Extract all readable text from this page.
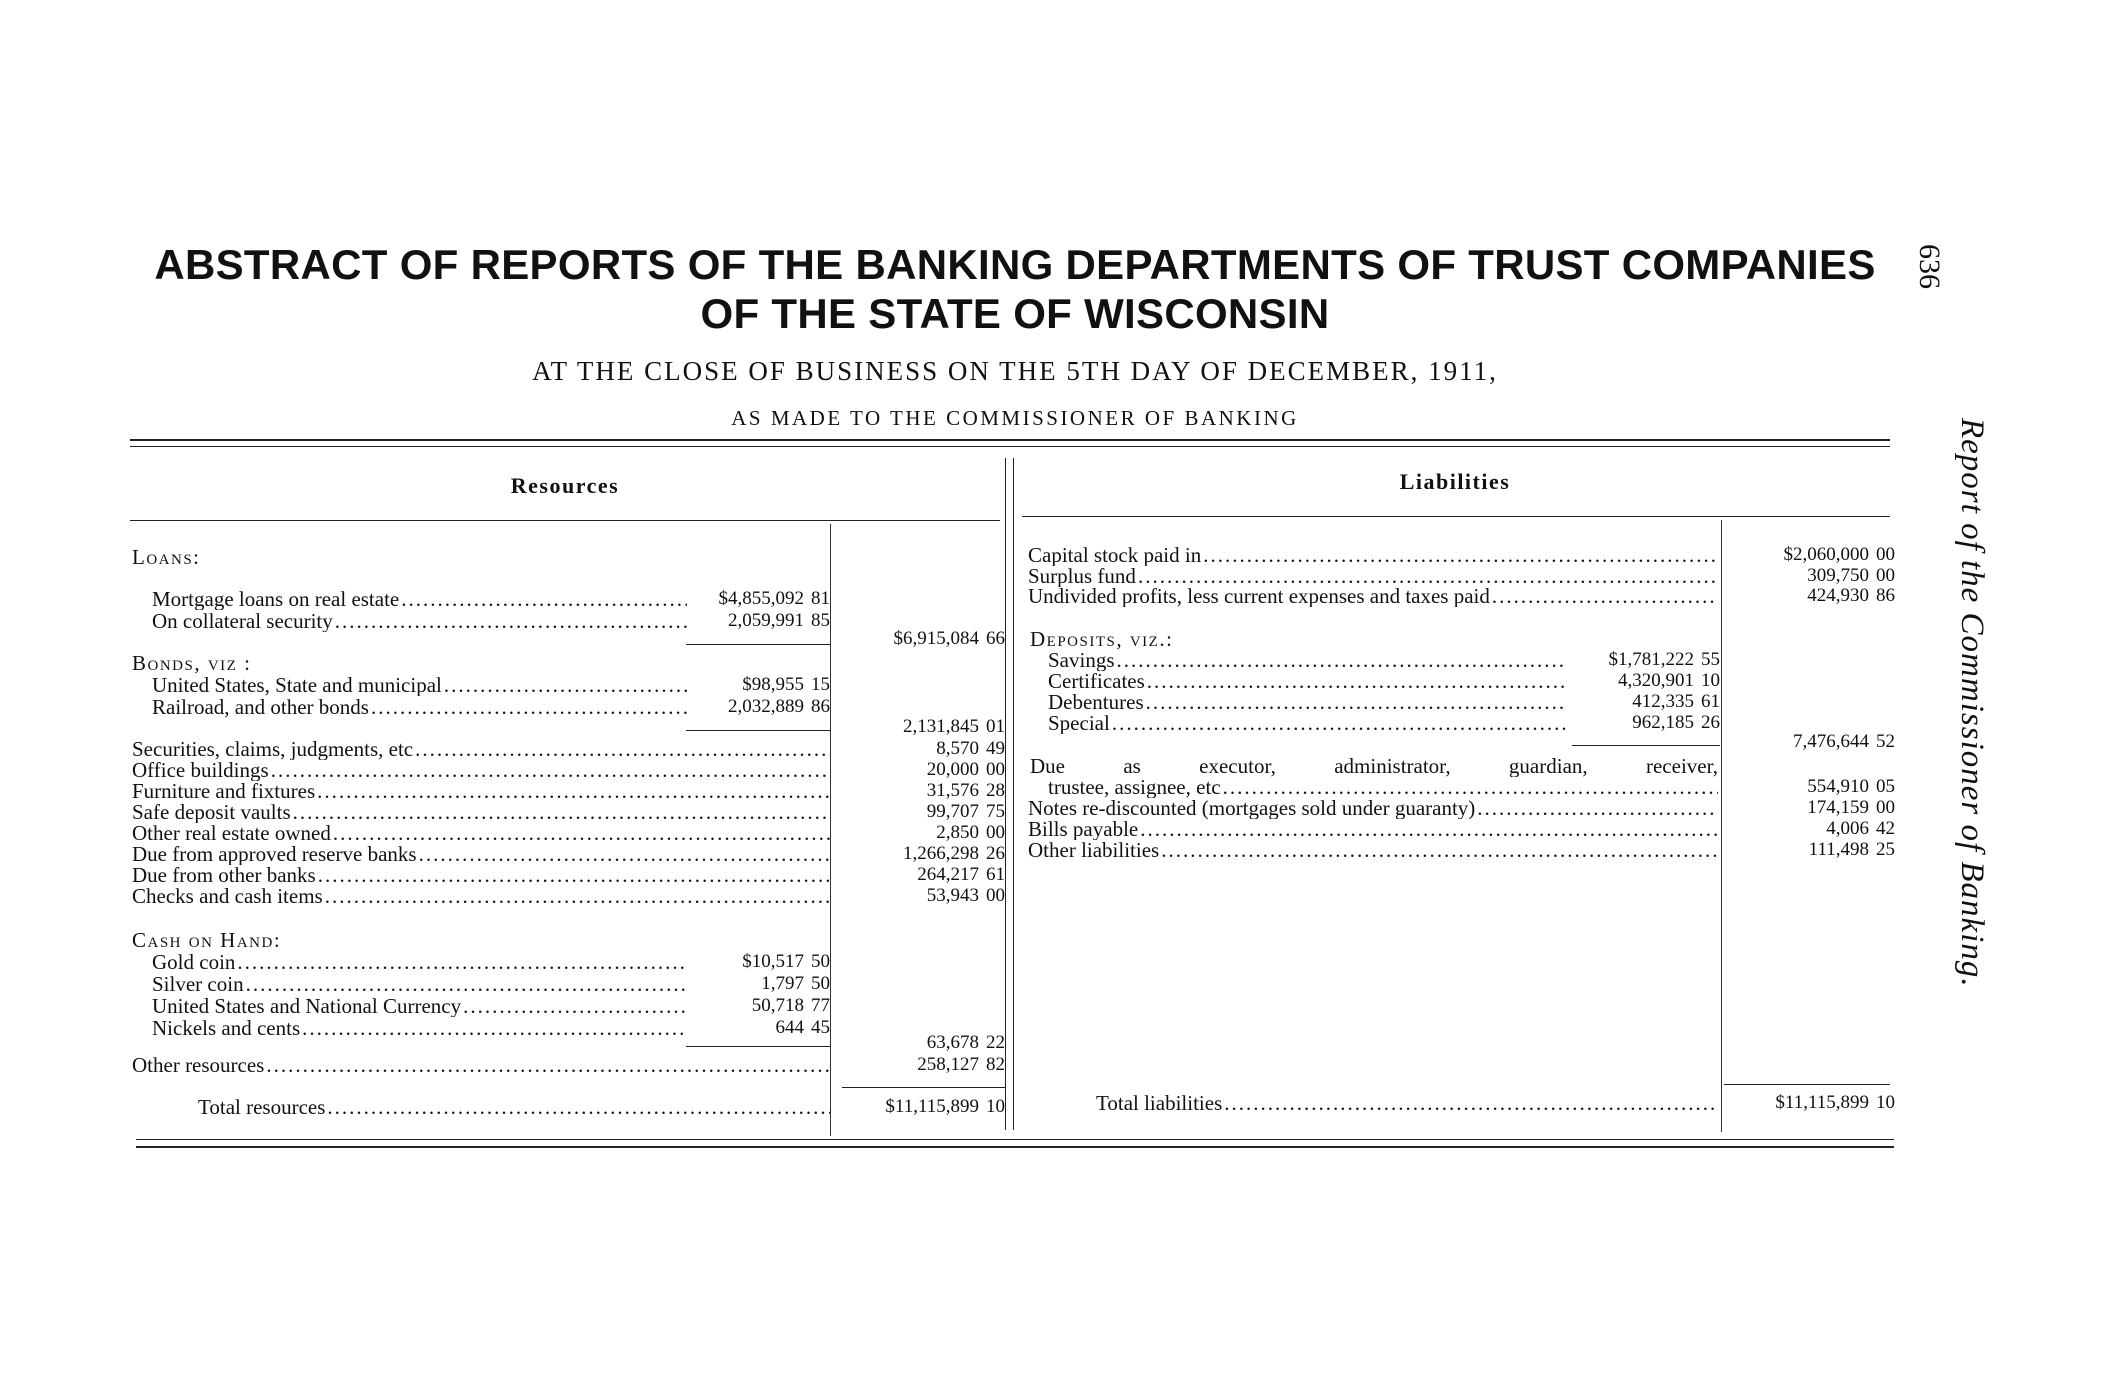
ABSTRACT OF REPORTS OF THE BANKING DEPARTMENTS OF TRUST COMPANIES
OF THE STATE OF WISCONSIN

AT THE CLOSE OF BUSINESS ON THE 5TH DAY OF DECEMBER, 1911,

AS MADE TO THE COMMISSIONER OF BANKING

636
Report of the Commissioner of Banking.
Resources	Liabilities
Loans:
Mortgage loans on real estate .....	$4,855,092 81
On collateral security .....	2,059,991 85
$6,915,084 66
Bonds, viz :
United States, State and municipal .....	$98,955 15
Railroad, and other bonds .....	2,032,889 86
2,131,845 01
Securities, claims, judgments, etc .....	8,570 49
Office buildings .....	20,000 00
Furniture and fixtures .....	31,576 28
Safe deposit vaults .....	99,707 75
Other real estate owned .....	2,850 00
Due from approved reserve banks .....	1,266,298 26
Due from other banks .....	264,217 61
Checks and cash items .....	53,943 00
Cash on Hand:
Gold coin .....	$10,517 50
Silver coin .....	1,797 50
United States and National Currency .....	50,718 77
Nickels and cents .....	644 45
63,678 22
Other resources .....	258,127 82
Total resources .....	$11,115,899 10
Capital stock paid in .....	$2,060,000 00
Surplus fund .....	309,750 00
Undivided profits, less current expenses and taxes paid .....	424,930 86
Deposits, viz.:
Savings .....	$1,781,222 55
Certificates .....	4,320,901 10
Debentures .....	412,335 61
Special .....	962,185 26
7,476,644 52
Due as executor, administrator, guardian, receiver,
trustee, assignee, etc .....	554,910 05
Notes re-discounted (mortgages sold under guaranty) .....	174,159 00
Bills payable .....	4,006 42
Other liabilities .....	111,498 25
Total liabilities .....	$11,115,899 10
